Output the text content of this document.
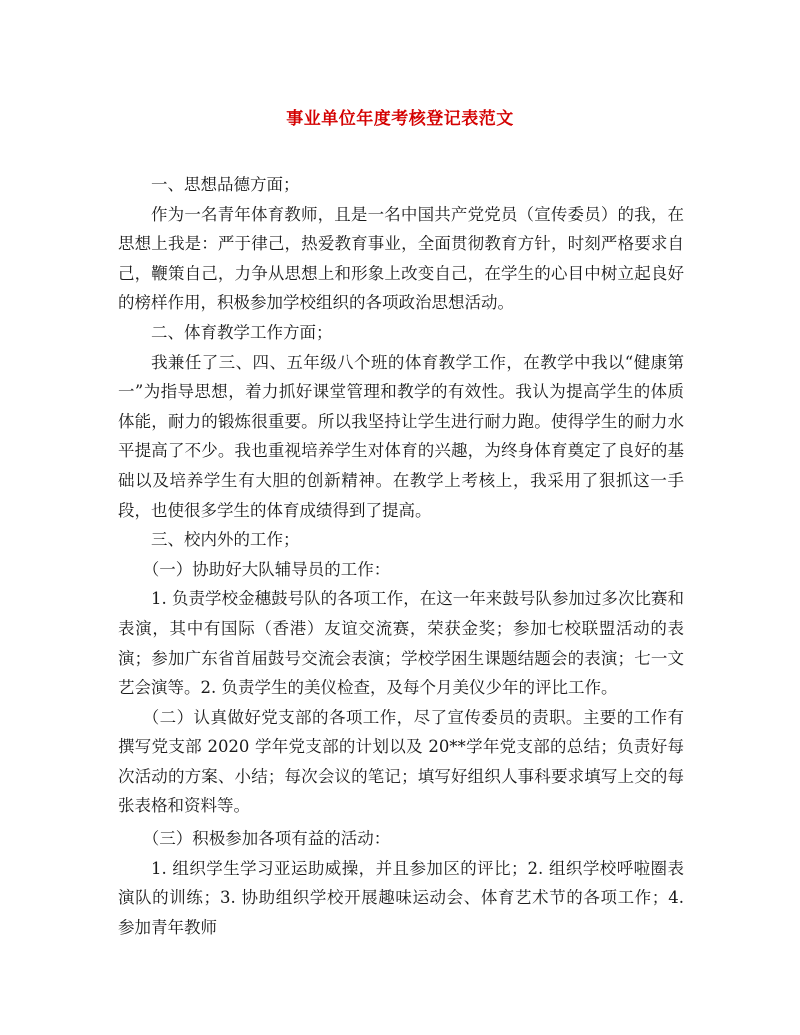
事业单位年度考核登记表范文

一、思想品德方面；

作为一名青年体育教师，且是一名中国共产党党员（宣传委员）的我，在思想上我是：严于律己，热爱教育事业，全面贯彻教育方针，时刻严格要求自己，鞭策自己，力争从思想上和形象上改变自己，在学生的心目中树立起良好的榜样作用，积极参加学校组织的各项政治思想活动。

二、体育教学工作方面；

我兼任了三、四、五年级八个班的体育教学工作，在教学中我以“健康第一”为指导思想，着力抓好课堂管理和教学的有效性。我认为提高学生的体质体能，耐力的锻炼很重要。所以我坚持让学生进行耐力跑。使得学生的耐力水平提高了不少。我也重视培养学生对体育的兴趣，为终身体育奠定了良好的基础以及培养学生有大胆的创新精神。在教学上考核上，我采用了狠抓这一手段，也使很多学生的体育成绩得到了提高。

三、校内外的工作；

（一）协助好大队辅导员的工作：

1. 负责学校金穗鼓号队的各项工作，在这一年来鼓号队参加过多次比赛和表演，其中有国际（香港）友谊交流赛，荣获金奖；参加七校联盟活动的表演；参加广东省首届鼓号交流会表演；学校学困生课题结题会的表演；七一文艺会演等。2. 负责学生的美仪检查，及每个月美仪少年的评比工作。

（二）认真做好党支部的各项工作，尽了宣传委员的责职。主要的工作有撰写党支部 2020 学年党支部的计划以及 20**学年党支部的总结；负责好每次活动的方案、小结；每次会议的笔记；填写好组织人事科要求填写上交的每张表格和资料等。

（三）积极参加各项有益的活动：

1. 组织学生学习亚运助威操，并且参加区的评比；2. 组织学校呼啦圈表演队的训练；3. 协助组织学校开展趣味运动会、体育艺术节的各项工作；4. 参加青年教师
